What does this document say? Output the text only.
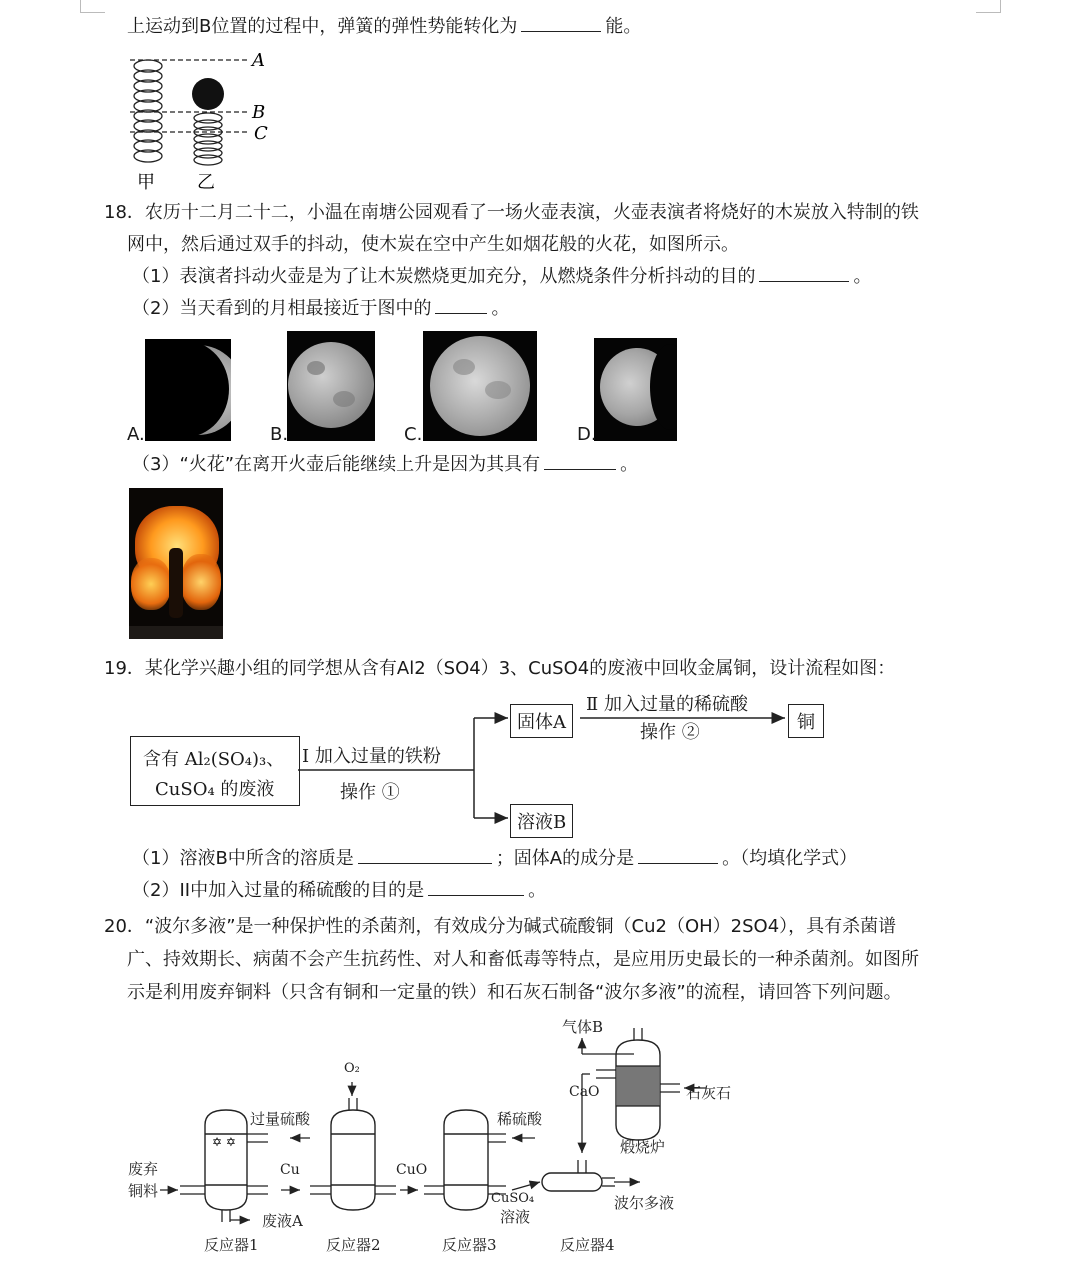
上运动到B位置的过程中，弹簧的弹性势能转化为	能。
A
B
C
甲 乙
18．农历十二月二十二，小温在南塘公园观看了一场火壶表演，火壶表演者将烧好的木炭放入特制的铁
网中，然后通过双手的抖动，使木炭在空中产生如烟花般的火花，如图所示。
（1）表演者抖动火壶是为了让木炭燃烧更加充分，从燃烧条件分析抖动的目的	。
（2）当天看到的月相最接近于图中的	。
A.	B.	C.	D.
（3）“火花”在离开火壶后能继续上升是因为其具有	。
19．某化学兴趣小组的同学想从含有Al2（SO4）3、CuSO4的废液中回收金属铜，设计流程如图：
含有 Al₂(SO₄)₃、
CuSO₄ 的废液
固体A
溶液B
铜
Ⅰ 加入过量的铁粉
操作 ①
Ⅱ 加入过量的稀硫酸
操作 ②
（1）溶液B中所含的溶质是	；固体A的成分是	。（均填化学式）
（2）II中加入过量的稀硫酸的目的是	。
20．“波尔多液”是一种保护性的杀菌剂，有效成分为碱式硫酸铜（Cu2（OH）2SO4），具有杀菌谱
广、持效期长、病菌不会产生抗药性、对人和畜低毒等特点，是应用历史最长的一种杀菌剂。如图所
示是利用废弃铜料（只含有铜和一定量的铁）和石灰石制备“波尔多液”的流程，请回答下列问题。
✡ ✡
气体B
O₂
CaO	石灰石
煅烧炉
过量硫酸	稀硫酸
废弃
铜料
Cu	CuO
CuSO₄
溶液
波尔多液
废液A
反应器1	反应器2	反应器3	反应器4
